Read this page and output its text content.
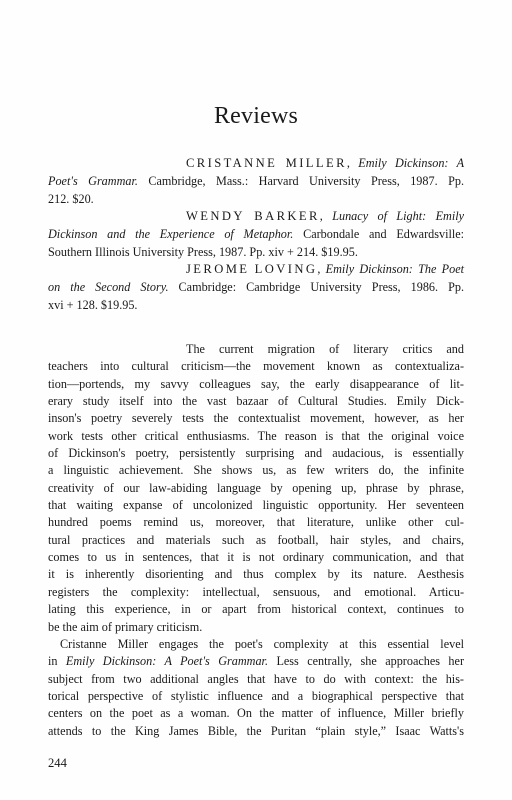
Reviews
CRISTANNE MILLER, Emily Dickinson: A
Poet's Grammar. Cambridge, Mass.: Harvard University Press, 1987. Pp.
212. $20.
WENDY BARKER, Lunacy of Light: Emily
Dickinson and the Experience of Metaphor. Carbondale and Edwardsville:
Southern Illinois University Press, 1987. Pp. xiv + 214. $19.95.
JEROME LOVING, Emily Dickinson: The Poet
on the Second Story. Cambridge: Cambridge University Press, 1986. Pp.
xvi + 128. $19.95.
The current migration of literary critics and
teachers into cultural criticism—the movement known as contextualiza-
tion—portends, my savvy colleagues say, the early disappearance of lit-
erary study itself into the vast bazaar of Cultural Studies. Emily Dick-
inson's poetry severely tests the contextualist movement, however, as her
work tests other critical enthusiasms. The reason is that the original voice
of Dickinson's poetry, persistently surprising and audacious, is essentially
a linguistic achievement. She shows us, as few writers do, the infinite
creativity of our law-abiding language by opening up, phrase by phrase,
that waiting expanse of uncolonized linguistic opportunity. Her seventeen
hundred poems remind us, moreover, that literature, unlike other cul-
tural practices and materials such as football, hair styles, and chairs,
comes to us in sentences, that it is not ordinary communication, and that
it is inherently disorienting and thus complex by its nature. Aesthesis
registers the complexity: intellectual, sensuous, and emotional. Articu-
lating this experience, in or apart from historical context, continues to
be the aim of primary criticism.
Cristanne Miller engages the poet's complexity at this essential level
in Emily Dickinson: A Poet's Grammar. Less centrally, she approaches her
subject from two additional angles that have to do with context: the his-
torical perspective of stylistic influence and a biographical perspective that
centers on the poet as a woman. On the matter of influence, Miller briefly
attends to the King James Bible, the Puritan “plain style,” Isaac Watts's
244
